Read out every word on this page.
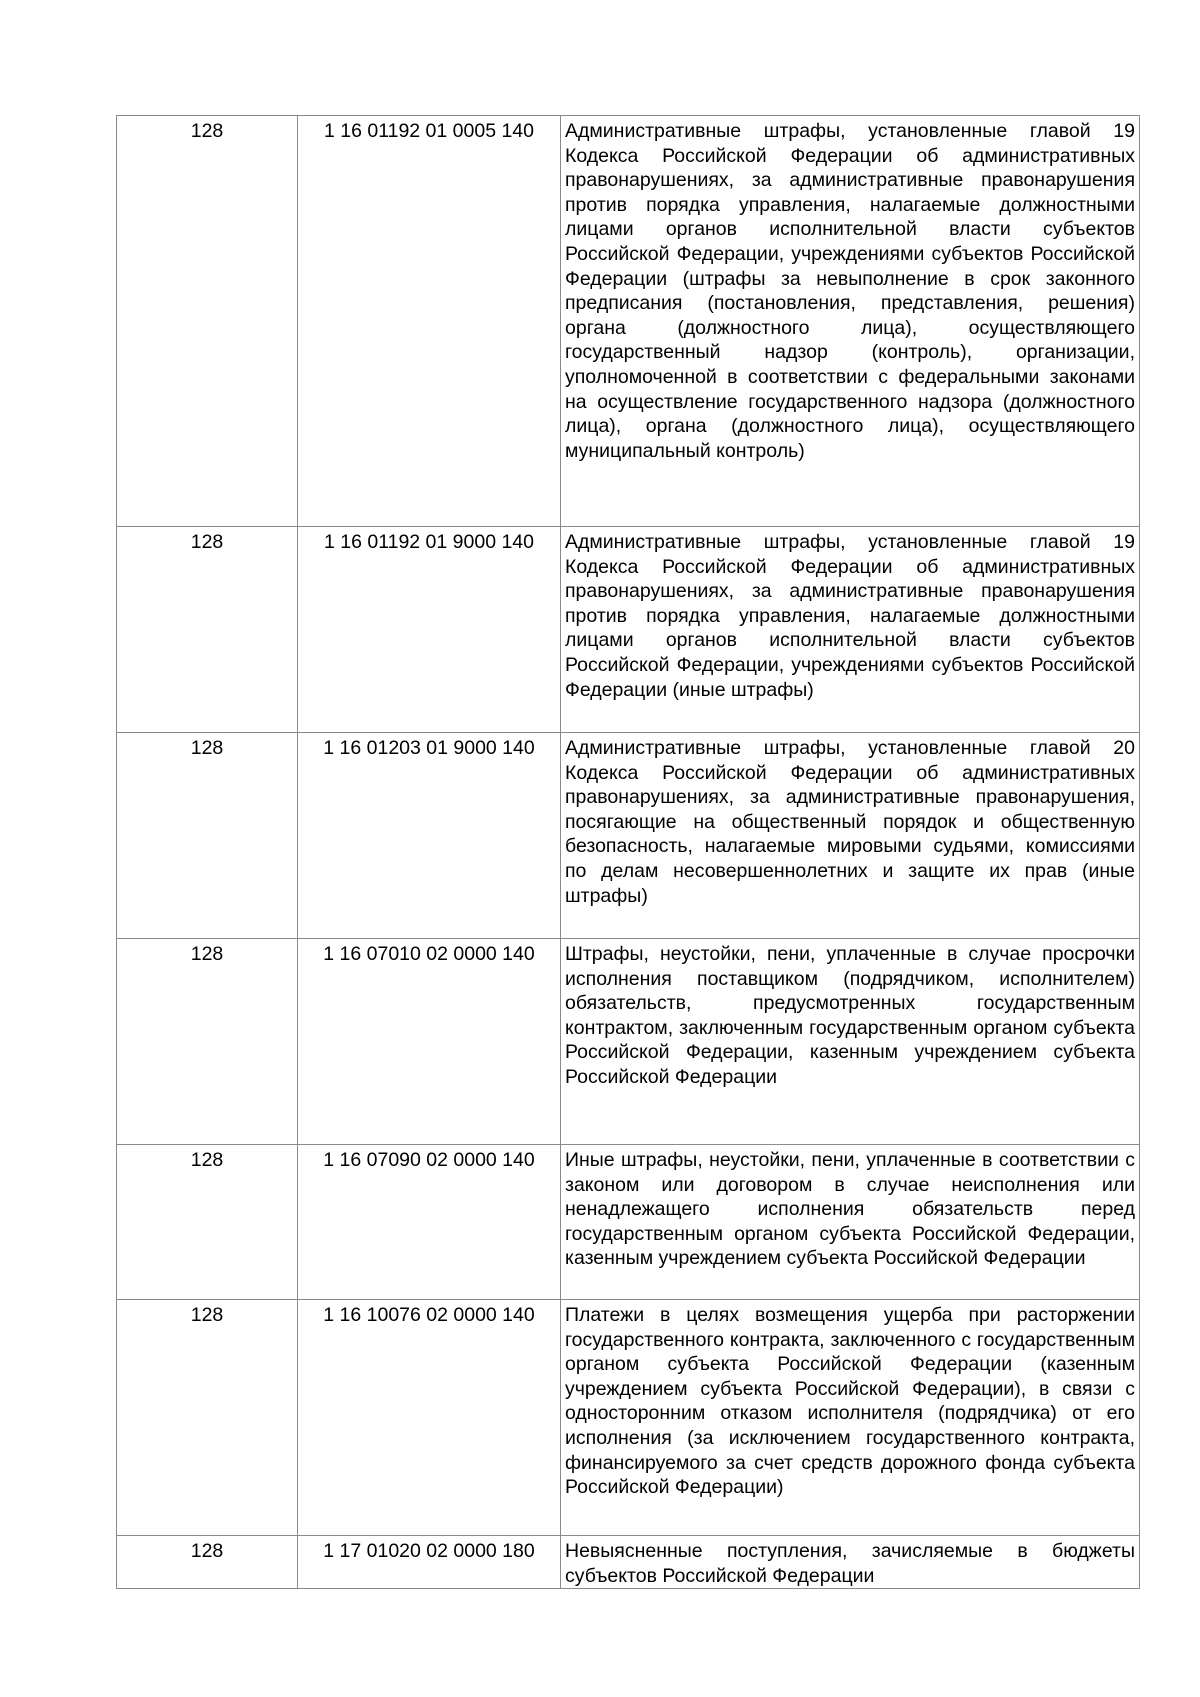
128	1 16 01192 01 0005 140	Административные штрафы, установленные главой 19 Кодекса Российской Федерации об административных правонарушениях, за административные правонарушения против порядка управления, налагаемые должностными лицами органов исполнительной власти субъектов Российской Федерации, учреждениями субъектов Российской Федерации (штрафы за невыполнение в срок законного предписания (постановления, представления, решения) органа (должностного лица), осуществляющего государственный надзор (контроль), организации, уполномоченной в соответствии с федеральными законами на осуществление государственного надзора (должностного лица), органа (должностного лица), осуществляющего муниципальный контроль)
128	1 16 01192 01 9000 140	Административные штрафы, установленные главой 19 Кодекса Российской Федерации об административных правонарушениях, за административные правонарушения против порядка управления, налагаемые должностными лицами органов исполнительной власти субъектов Российской Федерации, учреждениями субъектов Российской Федерации (иные штрафы)
128	1 16 01203 01 9000 140	Административные штрафы, установленные главой 20 Кодекса Российской Федерации об административных правонарушениях, за административные правонарушения, посягающие на общественный порядок и общественную безопасность, налагаемые мировыми судьями, комиссиями по делам несовершеннолетних и защите их прав (иные штрафы)
128	1 16 07010 02 0000 140	Штрафы, неустойки, пени, уплаченные в случае просрочки исполнения поставщиком (подрядчиком, исполнителем) обязательств, предусмотренных государственным контрактом, заключенным государственным органом субъекта Российской Федерации, казенным учреждением субъекта Российской Федерации
128	1 16 07090 02 0000 140	Иные штрафы, неустойки, пени, уплаченные в соответствии с законом или договором в случае неисполнения или ненадлежащего исполнения обязательств перед государственным органом субъекта Российской Федерации, казенным учреждением субъекта Российской Федерации
128	1 16 10076 02 0000 140	Платежи в целях возмещения ущерба при расторжении государственного контракта, заключенного с государственным органом субъекта Российской Федерации (казенным учреждением субъекта Российской Федерации), в связи с односторонним отказом исполнителя (подрядчика) от его исполнения (за исключением государственного контракта, финансируемого за счет средств дорожного фонда субъекта Российской Федерации)
128	1 17 01020 02 0000 180	Невыясненные поступления, зачисляемые в бюджеты субъектов Российской Федерации
